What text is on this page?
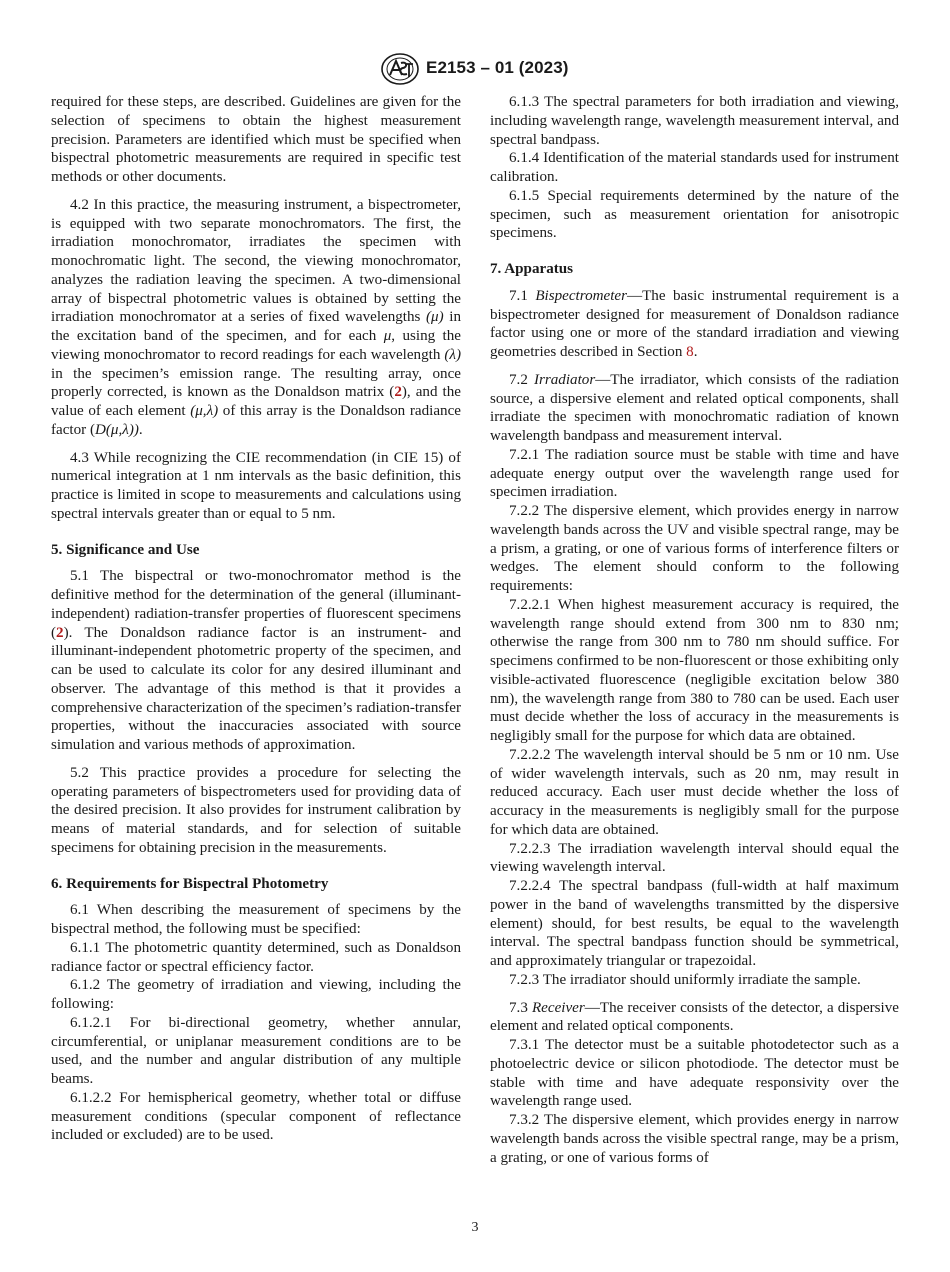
E2153 – 01 (2023)

required for these steps, are described. Guidelines are given for the selection of specimens to obtain the highest measurement precision. Parameters are identified which must be specified when bispectral photometric measurements are required in specific test methods or other documents.

4.2 In this practice, the measuring instrument, a bispectrometer, is equipped with two separate monochromators. The first, the irradiation monochromator, irradiates the specimen with monochromatic light. The second, the viewing monochromator, analyzes the radiation leaving the specimen. A two-dimensional array of bispectral photometric values is obtained by setting the irradiation monochromator at a series of fixed wavelengths (μ) in the excitation band of the specimen, and for each μ, using the viewing monochromator to record readings for each wavelength (λ) in the specimen’s emission range. The resulting array, once properly corrected, is known as the Donaldson matrix (2), and the value of each element (μ,λ) of this array is the Donaldson radiance factor (D(μ,λ)).

4.3 While recognizing the CIE recommendation (in CIE 15) of numerical integration at 1 nm intervals as the basic definition, this practice is limited in scope to measurements and calculations using spectral intervals greater than or equal to 5 nm.

5. Significance and Use

5.1 The bispectral or two-monochromator method is the definitive method for the determination of the general (illuminant-independent) radiation-transfer properties of fluorescent specimens (2). The Donaldson radiance factor is an instrument- and illuminant-independent photometric property of the specimen, and can be used to calculate its color for any desired illuminant and observer. The advantage of this method is that it provides a comprehensive characterization of the specimen’s radiation-transfer properties, without the inaccuracies associated with source simulation and various methods of approximation.

5.2 This practice provides a procedure for selecting the operating parameters of bispectrometers used for providing data of the desired precision. It also provides for instrument calibration by means of material standards, and for selection of suitable specimens for obtaining precision in the measurements.

6. Requirements for Bispectral Photometry

6.1 When describing the measurement of specimens by the bispectral method, the following must be specified:

6.1.1 The photometric quantity determined, such as Donaldson radiance factor or spectral efficiency factor.

6.1.2 The geometry of irradiation and viewing, including the following:

6.1.2.1 For bi-directional geometry, whether annular, circumferential, or uniplanar measurement conditions are to be used, and the number and angular distribution of any multiple beams.

6.1.2.2 For hemispherical geometry, whether total or diffuse measurement conditions (specular component of reflectance included or excluded) are to be used.

6.1.3 The spectral parameters for both irradiation and viewing, including wavelength range, wavelength measurement interval, and spectral bandpass.

6.1.4 Identification of the material standards used for instrument calibration.

6.1.5 Special requirements determined by the nature of the specimen, such as measurement orientation for anisotropic specimens.

7. Apparatus

7.1 Bispectrometer—The basic instrumental requirement is a bispectrometer designed for measurement of Donaldson radiance factor using one or more of the standard irradiation and viewing geometries described in Section 8.

7.2 Irradiator—The irradiator, which consists of the radiation source, a dispersive element and related optical components, shall irradiate the specimen with monochromatic radiation of known wavelength bandpass and measurement interval.

7.2.1 The radiation source must be stable with time and have adequate energy output over the wavelength range used for specimen irradiation.

7.2.2 The dispersive element, which provides energy in narrow wavelength bands across the UV and visible spectral range, may be a prism, a grating, or one of various forms of interference filters or wedges. The element should conform to the following requirements:

7.2.2.1 When highest measurement accuracy is required, the wavelength range should extend from 300 nm to 830 nm; otherwise the range from 300 nm to 780 nm should suffice. For specimens confirmed to be non-fluorescent or those exhibiting only visible-activated fluorescence (negligible excitation below 380 nm), the wavelength range from 380 to 780 can be used. Each user must decide whether the loss of accuracy in the measurements is negligibly small for the purpose for which data are obtained.

7.2.2.2 The wavelength interval should be 5 nm or 10 nm. Use of wider wavelength intervals, such as 20 nm, may result in reduced accuracy. Each user must decide whether the loss of accuracy in the measurements is negligibly small for the purpose for which data are obtained.

7.2.2.3 The irradiation wavelength interval should equal the viewing wavelength interval.

7.2.2.4 The spectral bandpass (full-width at half maximum power in the band of wavelengths transmitted by the dispersive element) should, for best results, be equal to the wavelength interval. The spectral bandpass function should be symmetrical, and approximately triangular or trapezoidal.

7.2.3 The irradiator should uniformly irradiate the sample.

7.3 Receiver—The receiver consists of the detector, a dispersive element and related optical components.

7.3.1 The detector must be a suitable photodetector such as a photoelectric device or silicon photodiode. The detector must be stable with time and have adequate responsivity over the wavelength range used.

7.3.2 The dispersive element, which provides energy in narrow wavelength bands across the visible spectral range, may be a prism, a grating, or one of various forms of

3
